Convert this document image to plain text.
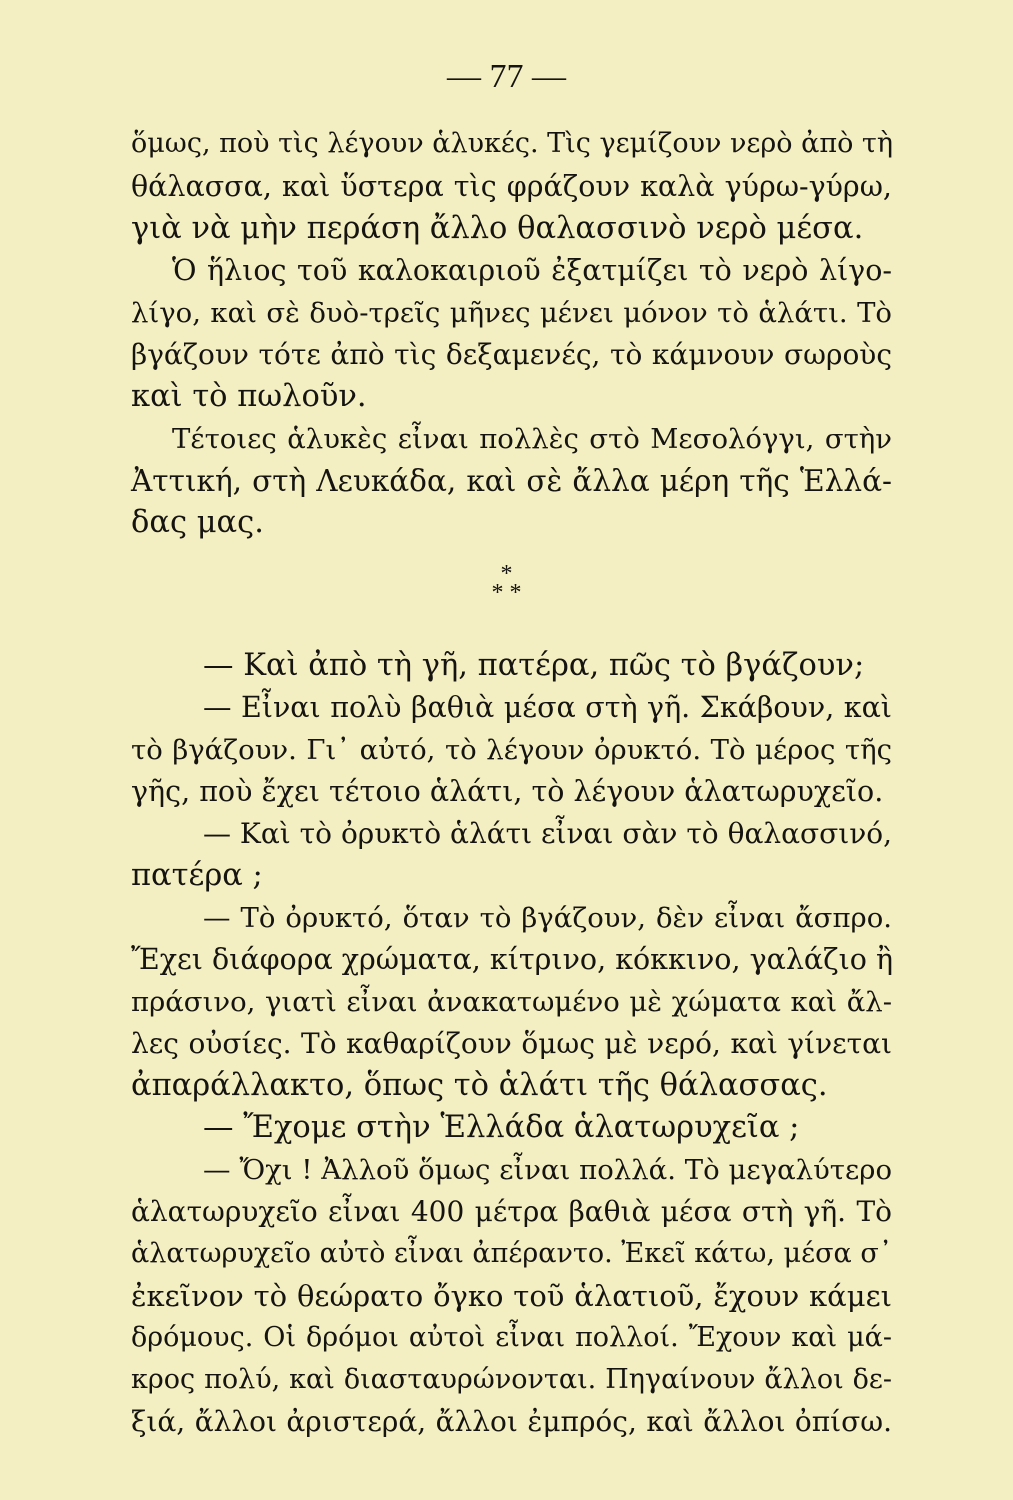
— 77 —
ὅμως, ποὺ τὶς λέγουν ἁλυκές. Τὶς γεμίζουν νερὸ ἀπὸ τὴ
θάλασσα, καὶ ὕστερα τὶς φράζουν καλὰ γύρω-γύρω,
γιὰ νὰ μὴν περάση ἄλλο θαλασσινὸ νερὸ μέσα.
Ὁ ἥλιος τοῦ καλοκαιριοῦ ἐξατμίζει τὸ νερὸ λίγο-
λίγο, καὶ σὲ δυὸ-τρεῖς μῆνες μένει μόνον τὸ ἁλάτι. Τὸ
βγάζουν τότε ἀπὸ τὶς δεξαμενές, τὸ κάμνουν σωροὺς
καὶ τὸ πωλοῦν.
Τέτοιες ἁλυκὲς εἶναι πολλὲς στὸ Μεσολόγγι, στὴν
Ἀττική, στὴ Λευκάδα, καὶ σὲ ἄλλα μέρη τῆς Ἑλλά-
δας μας.
*
* *
— Καὶ ἀπὸ τὴ γῆ, πατέρα, πῶς τὸ βγάζουν;
— Εἶναι πολὺ βαθιὰ μέσα στὴ γῆ. Σκάβουν, καὶ
τὸ βγάζουν. Γι᾽ αὐτό, τὸ λέγουν ὀρυκτό. Τὸ μέρος τῆς
γῆς, ποὺ ἔχει τέτοιο ἁλάτι, τὸ λέγουν ἁλατωρυχεῖο.
— Καὶ τὸ ὀρυκτὸ ἁλάτι εἶναι σὰν τὸ θαλασσινό,
πατέρα ;
— Τὸ ὀρυκτό, ὅταν τὸ βγάζουν, δὲν εἶναι ἄσπρο.
Ἔχει διάφορα χρώματα, κίτρινο, κόκκινο, γαλάζιο ἢ
πράσινο, γιατὶ εἶναι ἀνακατωμένο μὲ χώματα καὶ ἄλ-
λες οὐσίες. Τὸ καθαρίζουν ὅμως μὲ νερό, καὶ γίνεται
ἀπαράλλακτο, ὅπως τὸ ἁλάτι τῆς θάλασσας.
— Ἔχομε στὴν Ἑλλάδα ἁλατωρυχεῖα ;
— Ὄχι ! Ἀλλοῦ ὅμως εἶναι πολλά. Τὸ μεγαλύτερο
ἁλατωρυχεῖο εἶναι 400 μέτρα βαθιὰ μέσα στὴ γῆ. Τὸ
ἁλατωρυχεῖο αὐτὸ εἶναι ἀπέραντο. Ἐκεῖ κάτω, μέσα σ᾽
ἐκεῖνον τὸ θεώρατο ὄγκο τοῦ ἁλατιοῦ, ἔχουν κάμει
δρόμους. Οἱ δρόμοι αὐτοὶ εἶναι πολλοί. Ἔχουν καὶ μά-
κρος πολύ, καὶ διασταυρώνονται. Πηγαίνουν ἄλλοι δε-
ξιά, ἄλλοι ἀριστερά, ἄλλοι ἐμπρός, καὶ ἄλλοι ὀπίσω.
